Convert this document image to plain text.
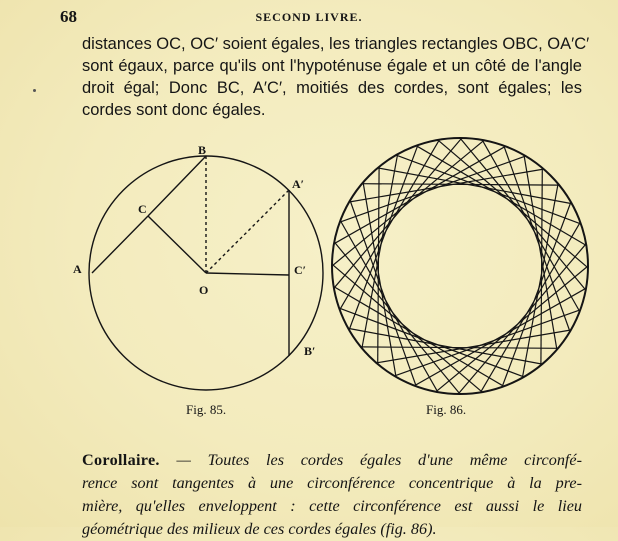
68	SECOND LIVRE.
distances OC, OC′ soient égales, les triangles rectangles OBC, OA′C′
sont égaux, parce qu'ils ont l'hypoténuse égale et un côté de l'angle
droit égal; Donc BC, A′C′, moitiés des cordes, sont égales; les
cordes sont donc égales.
A
B
C
O
A′
C′
B′
Fig. 85.	Fig. 86.
Corollaire. — Toutes les cordes égales d'une même circonfé-
rence sont tangentes à une circonférence concentrique à la pre-
mière, qu'elles enveloppent : cette circonférence est aussi le lieu
géométrique des milieux de ces cordes égales (fig. 86).
